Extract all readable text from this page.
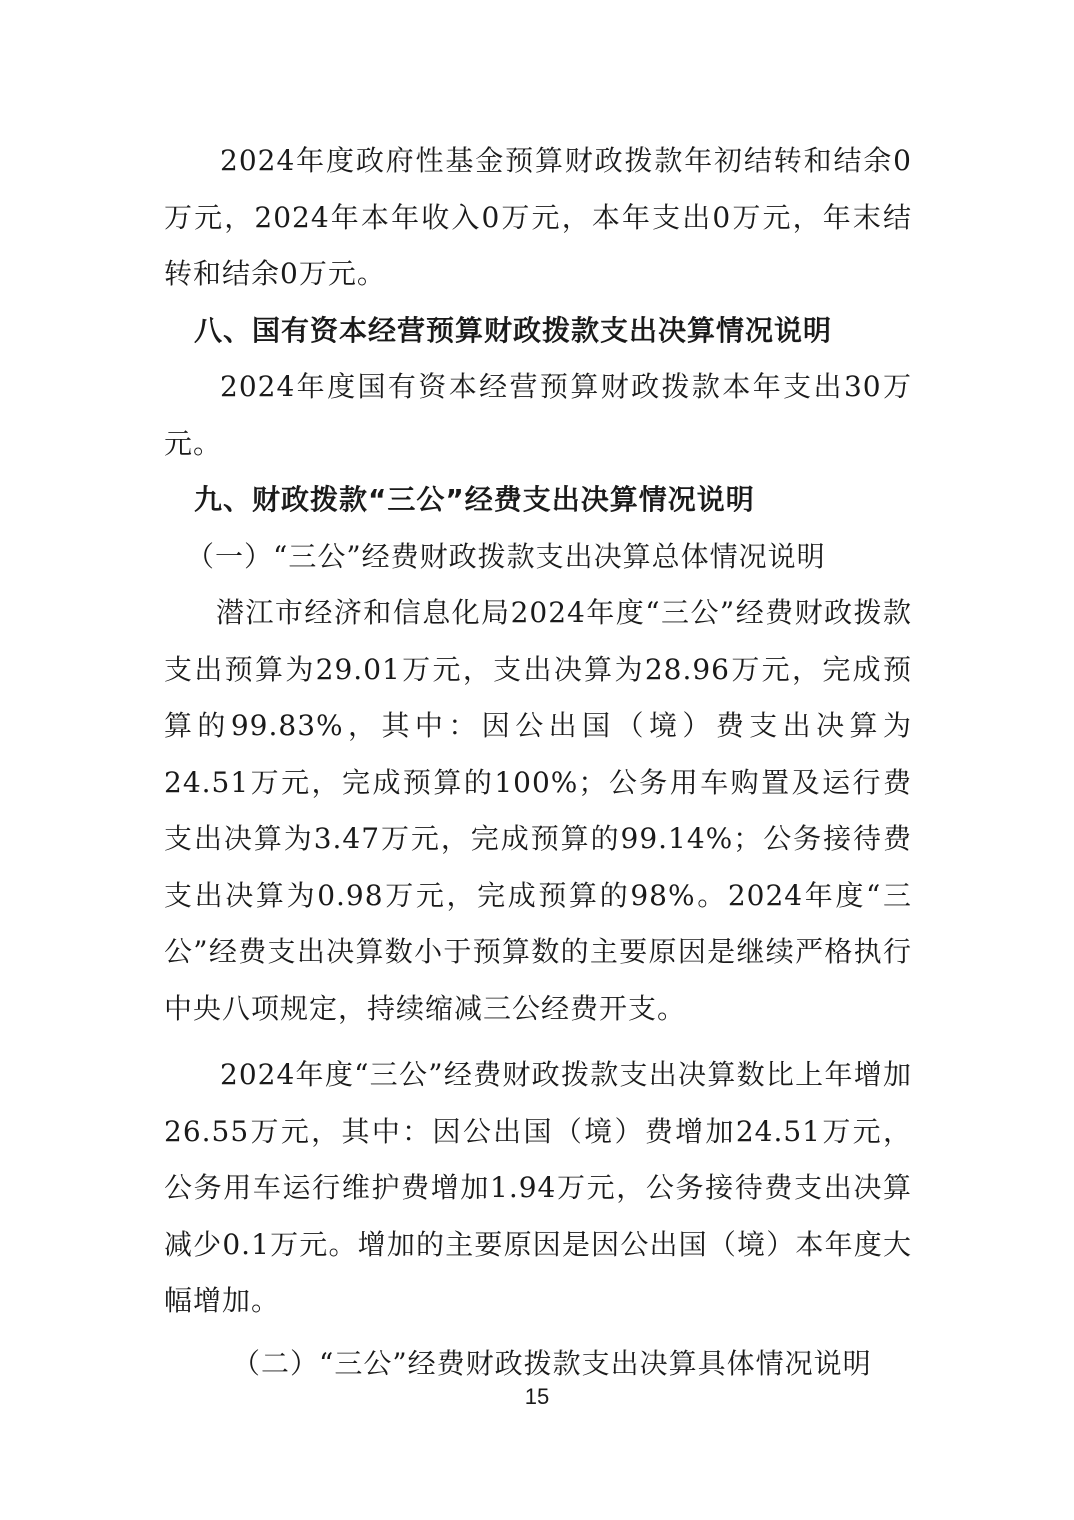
2024年度政府性基金预算财政拨款年初结转和结余0万元，2024年本年收入0万元，本年支出0万元，年末结转和结余0万元。

八、国有资本经营预算财政拨款支出决算情况说明

2024年度国有资本经营预算财政拨款本年支出30万元。

九、财政拨款“三公”经费支出决算情况说明

（一）“三公”经费财政拨款支出决算总体情况说明

潜江市经济和信息化局2024年度“三公”经费财政拨款支出预算为29.01万元，支出决算为28.96万元，完成预算的99.83%，其中：因公出国（境）费支出决算为24.51万元，完成预算的100%；公务用车购置及运行费支出决算为3.47万元，完成预算的99.14%；公务接待费支出决算为0.98万元，完成预算的98%。2024年度“三公”经费支出决算数小于预算数的主要原因是继续严格执行中央八项规定，持续缩减三公经费开支。

2024年度“三公”经费财政拨款支出决算数比上年增加26.55万元，其中：因公出国（境）费增加24.51万元，公务用车运行维护费增加1.94万元，公务接待费支出决算减少0.1万元。增加的主要原因是因公出国（境）本年度大幅增加。

（二）“三公”经费财政拨款支出决算具体情况说明

15
